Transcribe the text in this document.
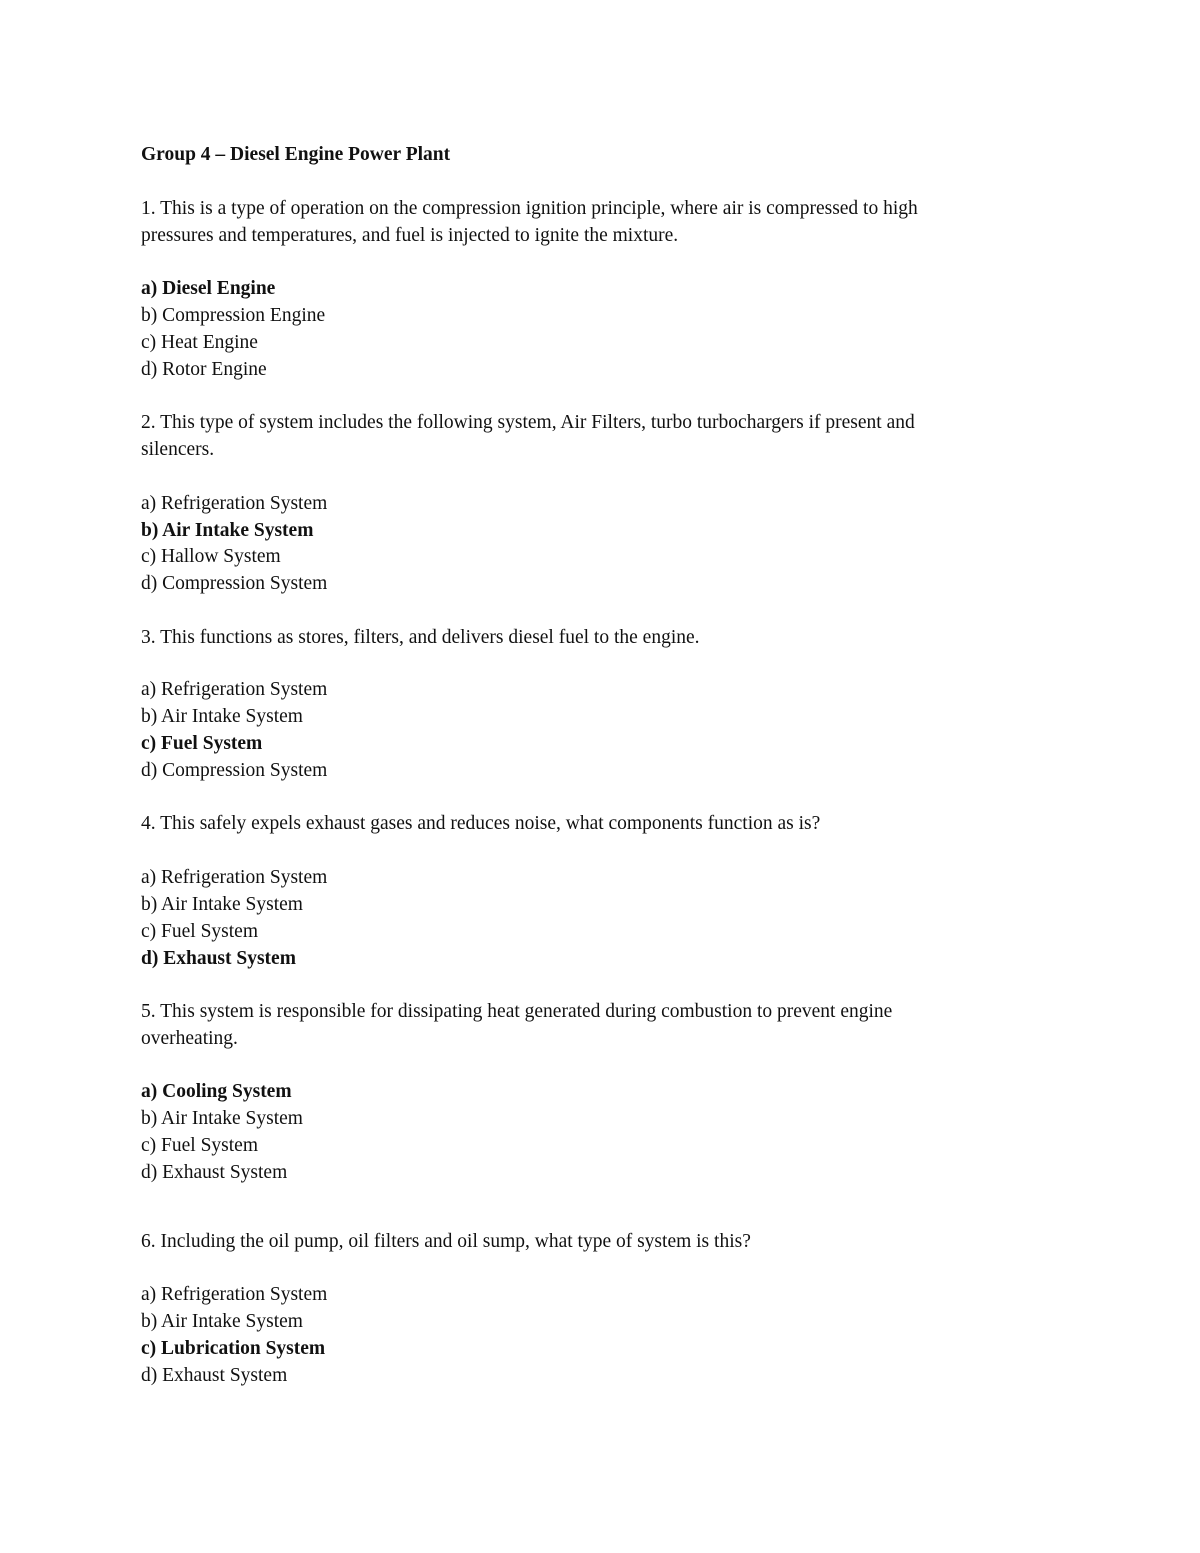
Group 4 – Diesel Engine Power Plant

1. This is a type of operation on the compression ignition principle, where air is compressed to high

pressures and temperatures, and fuel is injected to ignite the mixture.

a) Diesel Engine

b) Compression Engine

c) Heat Engine

d) Rotor Engine

2. This type of system includes the following system, Air Filters, turbo turbochargers if present and

silencers.

a) Refrigeration System

b) Air Intake System

c) Hallow System

d) Compression System

3. This functions as stores, filters, and delivers diesel fuel to the engine.

a) Refrigeration System

b) Air Intake System

c) Fuel System

d) Compression System

4. This safely expels exhaust gases and reduces noise, what components function as is?

a) Refrigeration System

b) Air Intake System

c) Fuel System

d) Exhaust System

5. This system is responsible for dissipating heat generated during combustion to prevent engine

overheating.

a) Cooling System

b) Air Intake System

c) Fuel System

d) Exhaust System

6. Including the oil pump, oil filters and oil sump, what type of system is this?

a) Refrigeration System

b) Air Intake System

c) Lubrication System

d) Exhaust System
